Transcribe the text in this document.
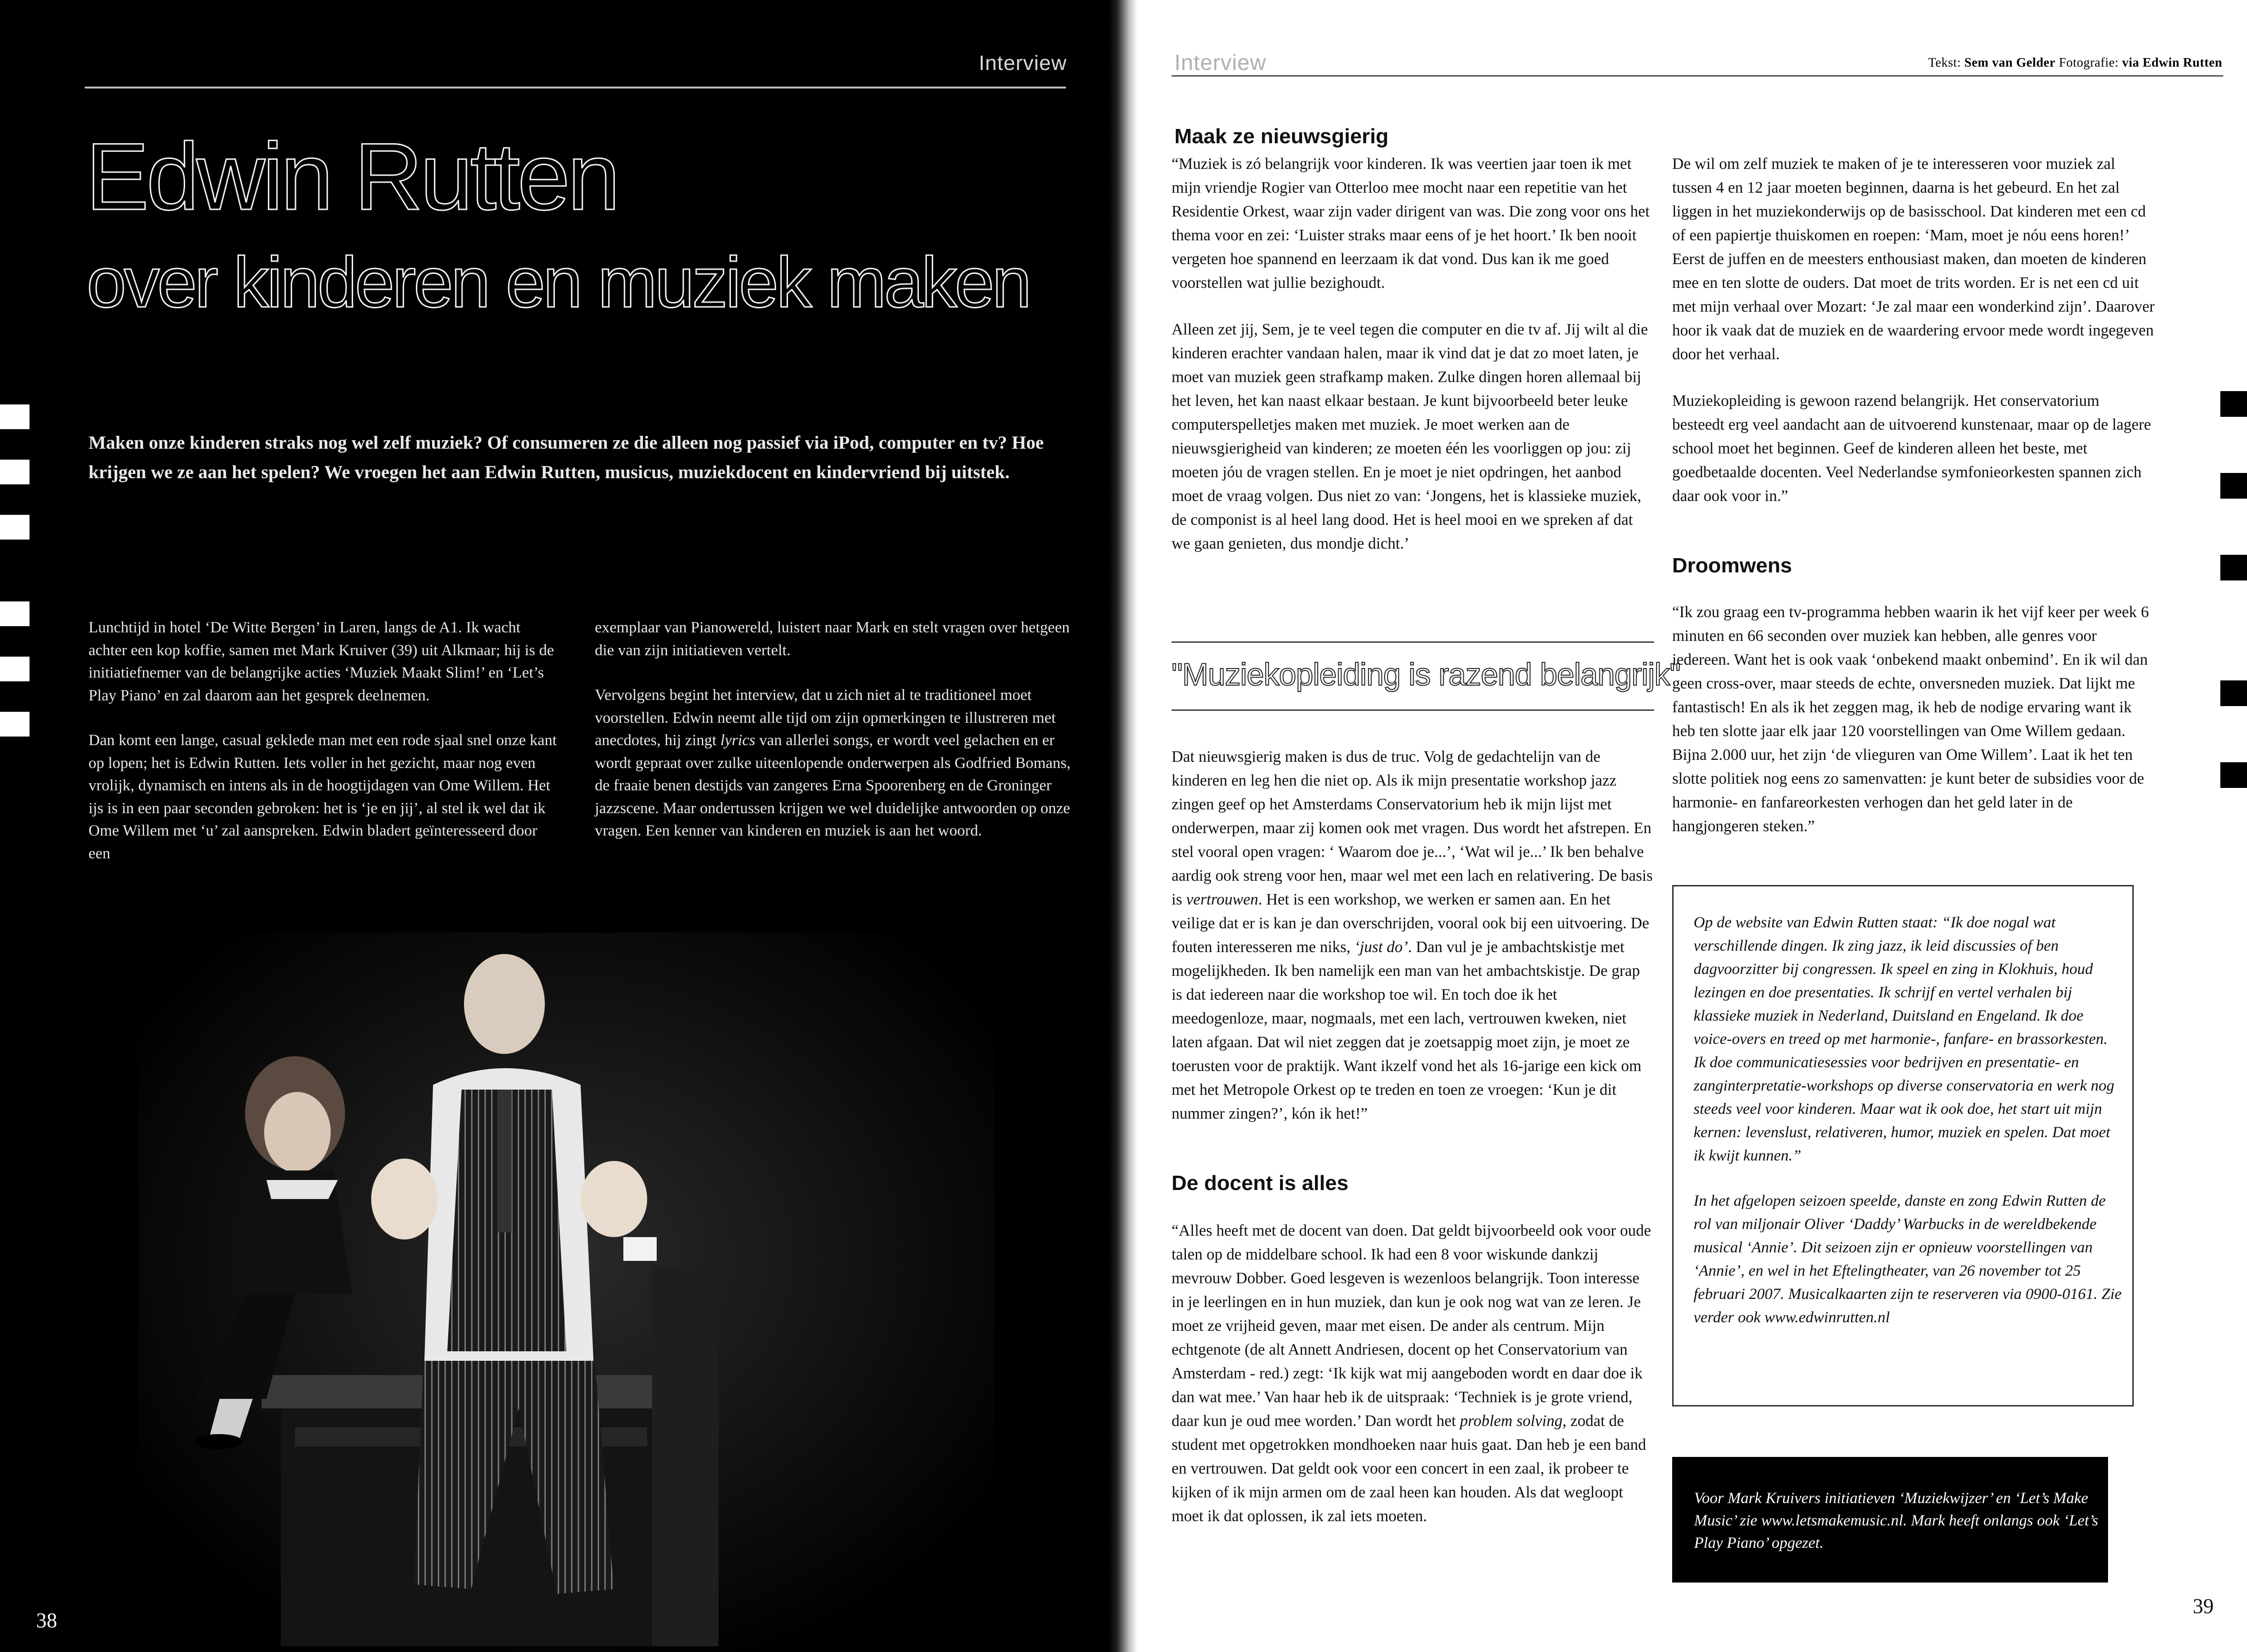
Interview
Edwin Rutten
over kinderen en muziek maken

Maken onze kinderen straks nog wel zelf muziek? Of consumeren ze die alleen nog passief via iPod, computer en tv? Hoe krijgen we ze aan het spelen? We vroegen het aan Edwin Rutten, musicus, muziekdocent en kindervriend bij uitstek.

Lunchtijd in hotel ‘De Witte Bergen’ in Laren, langs de A1. Ik wacht achter een kop koffie, samen met Mark Kruiver (39) uit Alkmaar; hij is de initiatiefnemer van de belangrijke acties ‘Muziek Maakt Slim!’ en ‘Let’s Play Piano’ en zal daarom aan het gesprek deelnemen.

Dan komt een lange, casual geklede man met een rode sjaal snel onze kant op lopen; het is Edwin Rutten. Iets voller in het gezicht, maar nog even vrolijk, dynamisch en intens als in de hoogtijdagen van Ome Willem. Het ijs is in een paar seconden gebroken: het is ‘je en jij’, al stel ik wel dat ik Ome Willem met ‘u’ zal aanspreken. Edwin bladert geïnteresseerd door een

exemplaar van Pianowereld, luistert naar Mark en stelt vragen over hetgeen die van zijn initiatieven vertelt.

Vervolgens begint het interview, dat u zich niet al te traditioneel moet voorstellen. Edwin neemt alle tijd om zijn opmerkingen te illustreren met anecdotes, hij zingt lyrics van allerlei songs, er wordt veel gelachen en er wordt gepraat over zulke uiteenlopende onderwerpen als Godfried Bomans, de fraaie benen destijds van zangeres Erna Spoorenberg en de Groninger jazzscene. Maar ondertussen krijgen we wel duidelijke antwoorden op onze vragen. Een kenner van kinderen en muziek is aan het woord.

38
Interview	Tekst: Sem van Gelder Fotografie: via Edwin Rutten
Maak ze nieuwsgierig

“Muziek is zó belangrijk voor kinderen. Ik was veertien jaar toen ik met mijn vriendje Rogier van Otterloo mee mocht naar een repetitie van het Residentie Orkest, waar zijn vader dirigent van was. Die zong voor ons het thema voor en zei: ‘Luister straks maar eens of je het hoort.’ Ik ben nooit vergeten hoe spannend en leerzaam ik dat vond. Dus kan ik me goed voorstellen wat jullie bezighoudt.

Alleen zet jij, Sem, je te veel tegen die computer en die tv af. Jij wilt al die kinderen erachter vandaan halen, maar ik vind dat je dat zo moet laten, je moet van muziek geen strafkamp maken. Zulke dingen horen allemaal bij het leven, het kan naast elkaar bestaan. Je kunt bijvoorbeeld beter leuke computerspelletjes maken met muziek. Je moet werken aan de nieuwsgierigheid van kinderen; ze moeten één les voorliggen op jou: zij moeten jóu de vragen stellen. En je moet je niet opdringen, het aanbod moet de vraag volgen. Dus niet zo van: ‘Jongens, het is klassieke muziek, de componist is al heel lang dood. Het is heel mooi en we spreken af dat we gaan genieten, dus mondje dicht.’

"Muziekopleiding is razend belangrijk"

Dat nieuwsgierig maken is dus de truc. Volg de gedachtelijn van de kinderen en leg hen die niet op. Als ik mijn presentatie workshop jazz zingen geef op het Amsterdams Conservatorium heb ik mijn lijst met onderwerpen, maar zij komen ook met vragen. Dus wordt het afstrepen. En stel vooral open vragen: ‘ Waarom doe je...’, ‘Wat wil je...’ Ik ben behalve aardig ook streng voor hen, maar wel met een lach en relativering. De basis is vertrouwen. Het is een workshop, we werken er samen aan. En het veilige dat er is kan je dan overschrijden, vooral ook bij een uitvoering. De fouten interesseren me niks, ‘just do’. Dan vul je je ambachtskistje met mogelijkheden. Ik ben namelijk een man van het ambachtskistje. De grap is dat iedereen naar die workshop toe wil. En toch doe ik het meedogenloze, maar, nogmaals, met een lach, vertrouwen kweken, niet laten afgaan. Dat wil niet zeggen dat je zoetsappig moet zijn, je moet ze toerusten voor de praktijk. Want ikzelf vond het als 16-jarige een kick om met het Metropole Orkest op te treden en toen ze vroegen: ‘Kun je dit nummer zingen?’, kón ik het!”

De docent is alles

“Alles heeft met de docent van doen. Dat geldt bijvoorbeeld ook voor oude talen op de middelbare school. Ik had een 8 voor wiskunde dankzij mevrouw Dobber. Goed lesgeven is wezenloos belangrijk. Toon interesse in je leerlingen en in hun muziek, dan kun je ook nog wat van ze leren. Je moet ze vrijheid geven, maar met eisen. De ander als centrum. Mijn echtgenote (de alt Annett Andriesen, docent op het Conservatorium van Amsterdam - red.) zegt: ‘Ik kijk wat mij aangeboden wordt en daar doe ik dan wat mee.’ Van haar heb ik de uitspraak: ‘Techniek is je grote vriend, daar kun je oud mee worden.’ Dan wordt het problem solving, zodat de student met opgetrokken mondhoeken naar huis gaat. Dan heb je een band en vertrouwen. Dat geldt ook voor een concert in een zaal, ik probeer te kijken of ik mijn armen om de zaal heen kan houden. Als dat wegloopt moet ik dat oplossen, ik zal iets moeten.

De wil om zelf muziek te maken of je te interesseren voor muziek zal tussen 4 en 12 jaar moeten beginnen, daarna is het gebeurd. En het zal liggen in het muziekonderwijs op de basisschool. Dat kinderen met een cd of een papiertje thuiskomen en roepen: ‘Mam, moet je nóu eens horen!’ Eerst de juffen en de meesters enthousiast maken, dan moeten de kinderen mee en ten slotte de ouders. Dat moet de trits worden. Er is net een cd uit met mijn verhaal over Mozart: ‘Je zal maar een wonderkind zijn’. Daarover hoor ik vaak dat de muziek en de waardering ervoor mede wordt ingegeven door het verhaal.

Muziekopleiding is gewoon razend belangrijk. Het conservatorium besteedt erg veel aandacht aan de uitvoerend kunstenaar, maar op de lagere school moet het beginnen. Geef de kinderen alleen het beste, met goedbetaalde docenten. Veel Nederlandse symfonieorkesten spannen zich daar ook voor in.”

Droomwens

“Ik zou graag een tv-programma hebben waarin ik het vijf keer per week 6 minuten en 66 seconden over muziek kan hebben, alle genres voor iedereen. Want het is ook vaak ‘onbekend maakt onbemind’. En ik wil dan geen cross-over, maar steeds de echte, onversneden muziek. Dat lijkt me fantastisch! En als ik het zeggen mag, ik heb de nodige ervaring want ik heb ten slotte jaar elk jaar 120 voorstellingen van Ome Willem gedaan. Bijna 2.000 uur, het zijn ‘de vlieguren van Ome Willem’. Laat ik het ten slotte politiek nog eens zo samenvatten: je kunt beter de subsidies voor de harmonie- en fanfareorkesten verhogen dan het geld later in de hangjongeren steken.”

Op de website van Edwin Rutten staat: “Ik doe nogal wat verschillende dingen. Ik zing jazz, ik leid discussies of ben dagvoorzitter bij congressen. Ik speel en zing in Klokhuis, houd lezingen en doe presentaties. Ik schrijf en vertel verhalen bij klassieke muziek in Nederland, Duitsland en Engeland. Ik doe voice-overs en treed op met harmonie-, fanfare- en brassorkesten. Ik doe communicatiesessies voor bedrijven en presentatie- en zanginterpretatie-workshops op diverse conservatoria en werk nog steeds veel voor kinderen. Maar wat ik ook doe, het start uit mijn kernen: levenslust, relativeren, humor, muziek en spelen. Dat moet ik kwijt kunnen.”

In het afgelopen seizoen speelde, danste en zong Edwin Rutten de rol van miljonair Oliver ‘Daddy’ Warbucks in de wereldbekende musical ‘Annie’. Dit seizoen zijn er opnieuw voorstellingen van ‘Annie’, en wel in het Eftelingtheater, van 26 november tot 25 februari 2007. Musicalkaarten zijn te reserveren via 0900-0161. Zie verder ook www.edwinrutten.nl

Voor Mark Kruivers initiatieven ‘Muziekwijzer’ en ‘Let’s Make Music’ zie www.letsmakemusic.nl. Mark heeft onlangs ook ‘Let’s Play Piano’ opgezet.

39
